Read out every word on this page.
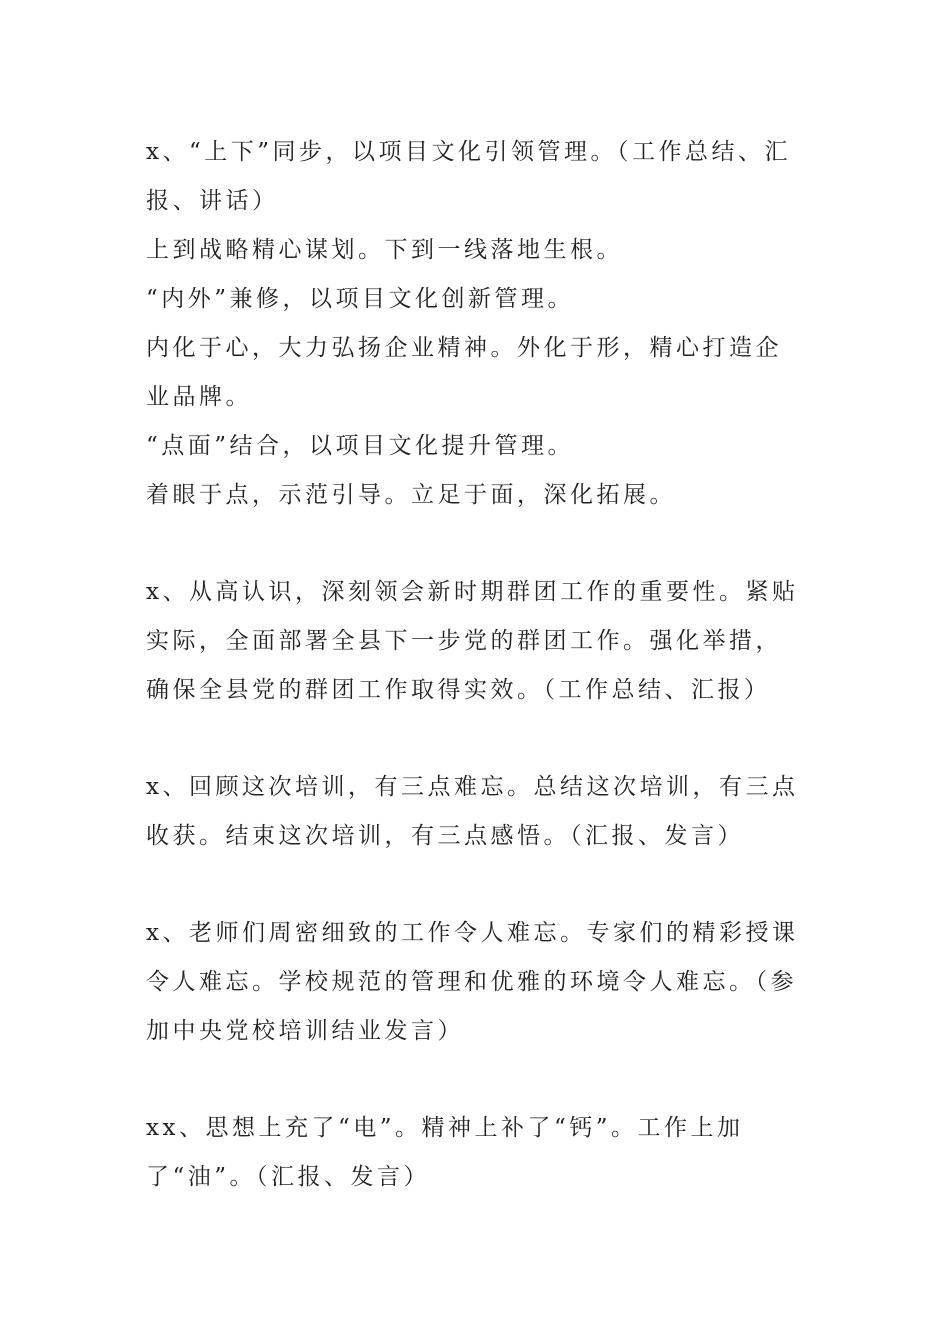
x、“上下”同步，以项目文化引领管理。（工作总结、汇报、讲话）

上到战略精心谋划。下到一线落地生根。

“内外”兼修，以项目文化创新管理。

内化于心，大力弘扬企业精神。外化于形，精心打造企业品牌。

“点面”结合，以项目文化提升管理。

着眼于点，示范引导。立足于面，深化拓展。

x、从高认识，深刻领会新时期群团工作的重要性。紧贴实际，全面部署全县下一步党的群团工作。强化举措，确保全县党的群团工作取得实效。（工作总结、汇报）

x、回顾这次培训，有三点难忘。总结这次培训，有三点收获。结束这次培训，有三点感悟。（汇报、发言）

x、老师们周密细致的工作令人难忘。专家们的精彩授课令人难忘。学校规范的管理和优雅的环境令人难忘。（参加中央党校培训结业发言）

xx、思想上充了“电”。精神上补了“钙”。工作上加了“油”。（汇报、发言）
